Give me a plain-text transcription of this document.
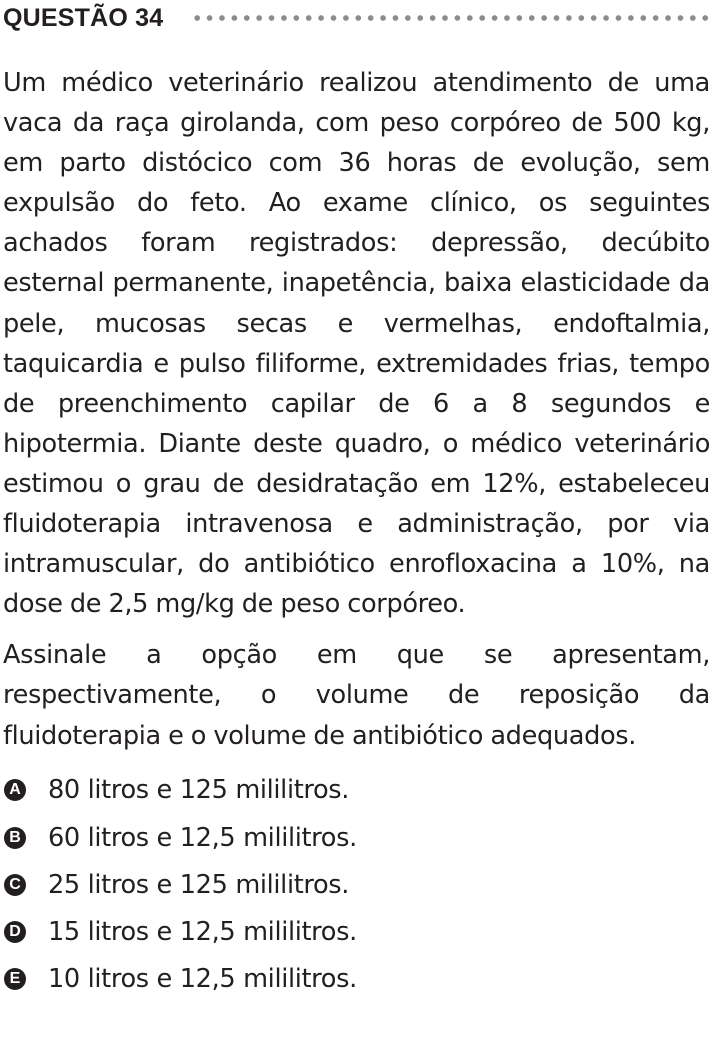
QUESTÃO 34

Um médico veterinário realizou atendimento de uma vaca da raça girolanda, com peso corpóreo de 500 kg, em parto distócico com 36 horas de evolução, sem expulsão do feto. Ao exame clínico, os seguintes achados foram registrados: depressão, decúbito esternal permanente, inapetência, baixa elasticidade da pele, mucosas secas e vermelhas, endoftalmia, taquicardia e pulso filiforme, extremidades frias, tempo de preenchimento capilar de 6 a 8 segundos e hipotermia. Diante deste quadro, o médico veterinário estimou o grau de desidratação em 12%, estabeleceu fluidoterapia intravenosa e administração, por via intramuscular, do antibiótico enrofloxacina a 10%, na dose de 2,5 mg/kg de peso corpóreo.

Assinale a opção em que se apresentam, respectivamente, o volume de reposição da fluidoterapia e o volume de antibiótico adequados.

A 80 litros e 125 mililitros.
B 60 litros e 12,5 mililitros.
C 25 litros e 125 mililitros.
D 15 litros e 12,5 mililitros.
E 10 litros e 12,5 mililitros.
